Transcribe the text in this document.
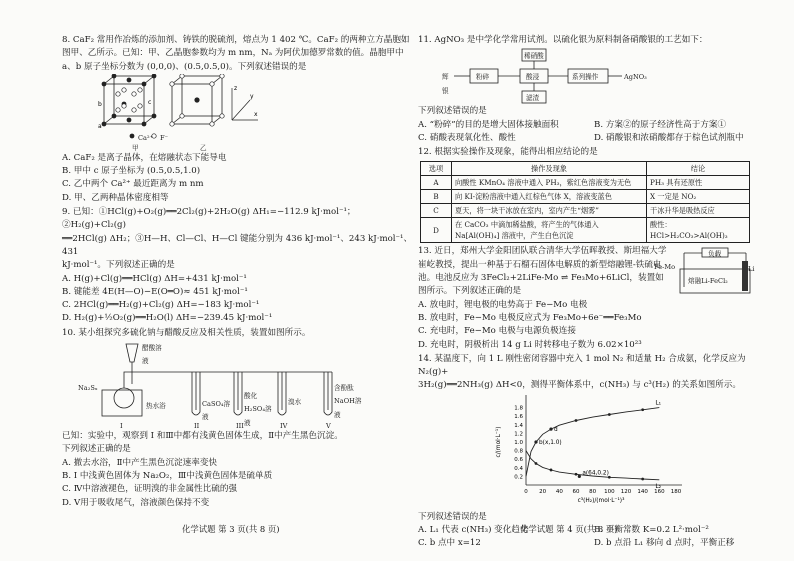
8. CaF₂ 常用作冶炼的添加剂、铸铁的脱硫剂，熔点为 1 402 ℃。CaF₂ 的两种立方晶胞如图甲、乙所示。已知：甲、乙晶胞参数均为 m nm，Nₐ 为阿伏加德罗常数的值。晶胞甲中 a、b 原子坐标分数为 (0,0,0)、(0.5,0.5,0)。下列叙述错误的是

b
a
c
x
z
y
Ca²⁺ F⁻
甲	乙

A. CaF₂ 是离子晶体，在熔融状态下能导电

B. 甲中 c 原子坐标为 (0.5,0.5,1.0)

C. 乙中两个 Ca²⁺ 最近距离为 m nm

D. 甲、乙两种晶体密度相等

9. 已知：①HCl(g)+O₂(g)══2Cl₂(g)+2H₂O(g) ΔH₁=−112.9 kJ·mol⁻¹；②H₂(g)+Cl₂(g)

══2HCl(g) ΔH₂；③H—H、Cl—Cl、H—Cl 键能分别为 436 kJ·mol⁻¹、243 kJ·mol⁻¹、431

kJ·mol⁻¹。下列叙述正确的是

A. H(g)+Cl(g)══HCl(g) ΔH=+431 kJ·mol⁻¹

B. 键能差 4E(H—O)−E(O═O)≈ 451 kJ·mol⁻¹

C. 2HCl(g)══H₂(g)+Cl₂(g) ΔH=−183 kJ·mol⁻¹

D. H₂(g)+½O₂(g)══H₂O(l) ΔH=−239.45 kJ·mol⁻¹

10. 某小组探究多硫化钠与醋酸反应及相关性质，装置如图所示。

醋酸溶液
Na₂Sₓ
热水浴	CaSO₄溶液
酸化H₂SO₄溶液
溴水
含酚酞NaOH溶液
I	II	III	IV	V

已知：实验中，观察到 I 和Ⅲ中都有浅黄色固体生成，Ⅱ中产生黑色沉淀。

下列叙述正确的是

A. 撤去水浴，Ⅱ中产生黑色沉淀速率变快

B. I 中浅黄色固体为 Na₂O₂，Ⅲ中浅黄色固体是硫单质

C. Ⅳ中溶液褪色，证明溴的非金属性比硫的强

D. Ⅴ用于吸收尾气，溶液颜色保持不变

化学试题 第 3 页(共 8 页)

11. AgNO₃ 是中学化学常用试剂。以硫化银为原料制备硝酸银的工艺如下：

辉银
粉碎	酸浸	系列操作	AgNO₃
稀硝酸
滤渣

下列叙述错误的是

A. “粉碎”的目的是增大固体接触面积	B. 方案②的原子经济性高于方案①

C. 硝酸表现氧化性、酸性	D. 硝酸银和浓硝酸都存于棕色试剂瓶中

12. 根据实验操作及现象，能得出相应结论的是

选项	操作及现象	结论
A	向酸性 KMnO₄ 溶液中通入 PH₃，紫红色溶液变为无色	PH₃ 具有还原性
B	向 KI-淀粉溶液中通入红棕色气体 X，溶液变蓝色	X 一定是 NO₂
C	夏天，将一块干冰放在室内，室内产生“烟雾”	干冰升华是吸热反应
D	在 CaCO₃ 中滴加稀盐酸，将产生的气体通入 Na[Al(OH)₄] 溶液中，产生白色沉淀	酸性：HCl>H₂CO₃>Al(OH)₃

13. 近日，郑州大学金阳团队联合清华大学伍晖教授、斯坦福大学崔屹教授，提出一种基于石榴石固体电解质的新型熔融锂-铁硫电池。电池反应为 3FeCl₂+2LiFe-Mo ⇌ Fe₃Mo+6LiCl，装置如图所示。下列叙述正确的是

负载
Li
Fe-Mo
熔融Li-FeCl₂

A. 放电时，锂电极的电势高于 Fe−Mo 电极

B. 放电时，Fe−Mo 电极反应式为 Fe₃Mo+6e⁻══Fe₃Mo

C. 充电时，Fe−Mo 电极与电源负极连接

D. 充电时，阴极析出 14 g Li 时转移电子数为 6.02×10²³

14. 某温度下，向 1 L 刚性密闭容器中充入 1 mol N₂ 和适量 H₂ 合成氨，化学反应为 N₂(g)+

3H₂(g)══2NH₃(g) ΔH<0，测得平衡体系中，c(NH₃) 与 c³(H₂) 的关系如图所示。

0 20 40 60 80 100 120 140 160 180
0.2
0.4
0.6
0.8
1.0
1.2
1.4
1.6
1.8
c³(H₂)/(mol·L⁻¹)³
c/(mol·L⁻¹)
L₁
L₂
b(x,1.0)
a(64,0.2)
d

下列叙述错误的是

A. L₁ 代表 c(NH₃) 变化趋势	B. 平衡常数 K=0.2 L²·mol⁻²

C. b 点中 x=12	D. b 点沿 L₁ 移向 d 点时，平衡正移

化学试题 第 4 页(共 8 页)
